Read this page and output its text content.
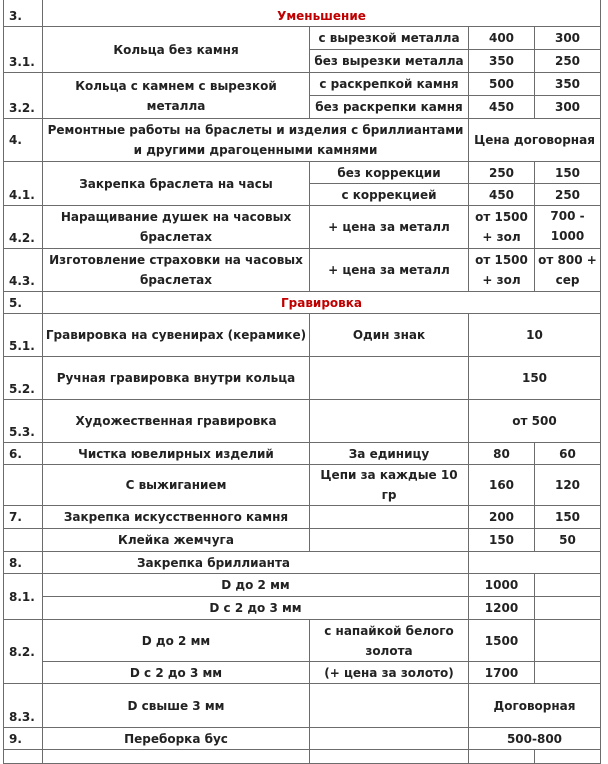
3.	Уменьшение			
3.1.	Кольца без камня	с вырезкой металла	400	300
		без вырезки металла	350	250
3.2.	Кольца с камнем с вырезкой металла	с раскрепкой камня	500	350
		без раскрепки камня	450	300
4.	Ремонтные работы на браслеты и изделия с бриллиантами и другими драгоценными камнями		Цена договорная	
4.1.	Закрепка браслета на часы	без коррекции	250	150
		с коррекцией	450	250
4.2.	Наращивание душек на часовых браслетах	+ цена за металл	от 1500 + зол	700 - 1000
4.3.	Изготовление страховки на часовых браслетах	+ цена за металл	от 1500 + зол	от 800 + сер
5.	Гравировка			
5.1.	Гравировка на сувенирах (керамике)	Один знак	10	
5.2.	Ручная гравировка внутри кольца		150	
5.3.	Художественная гравировка		от 500	
6.	Чистка ювелирных изделий	За единицу	80	60
	С выжиганием	Цепи за каждые 10 гр	160	120
7.	Закрепка искусственного камня		200	150
	Клейка жемчуга		150	50
8.	Закрепка бриллианта			
8.1.	D до 2 мм		1000	
	D с 2 до 3 мм		1200	
8.2.	D до 2 мм	с напайкой белого золота	1500	
	D с 2 до 3 мм	(+ цена за золото)	1700	
8.3.	D свыше 3 мм		Договорная	
9.	Переборка бус		500-800	
